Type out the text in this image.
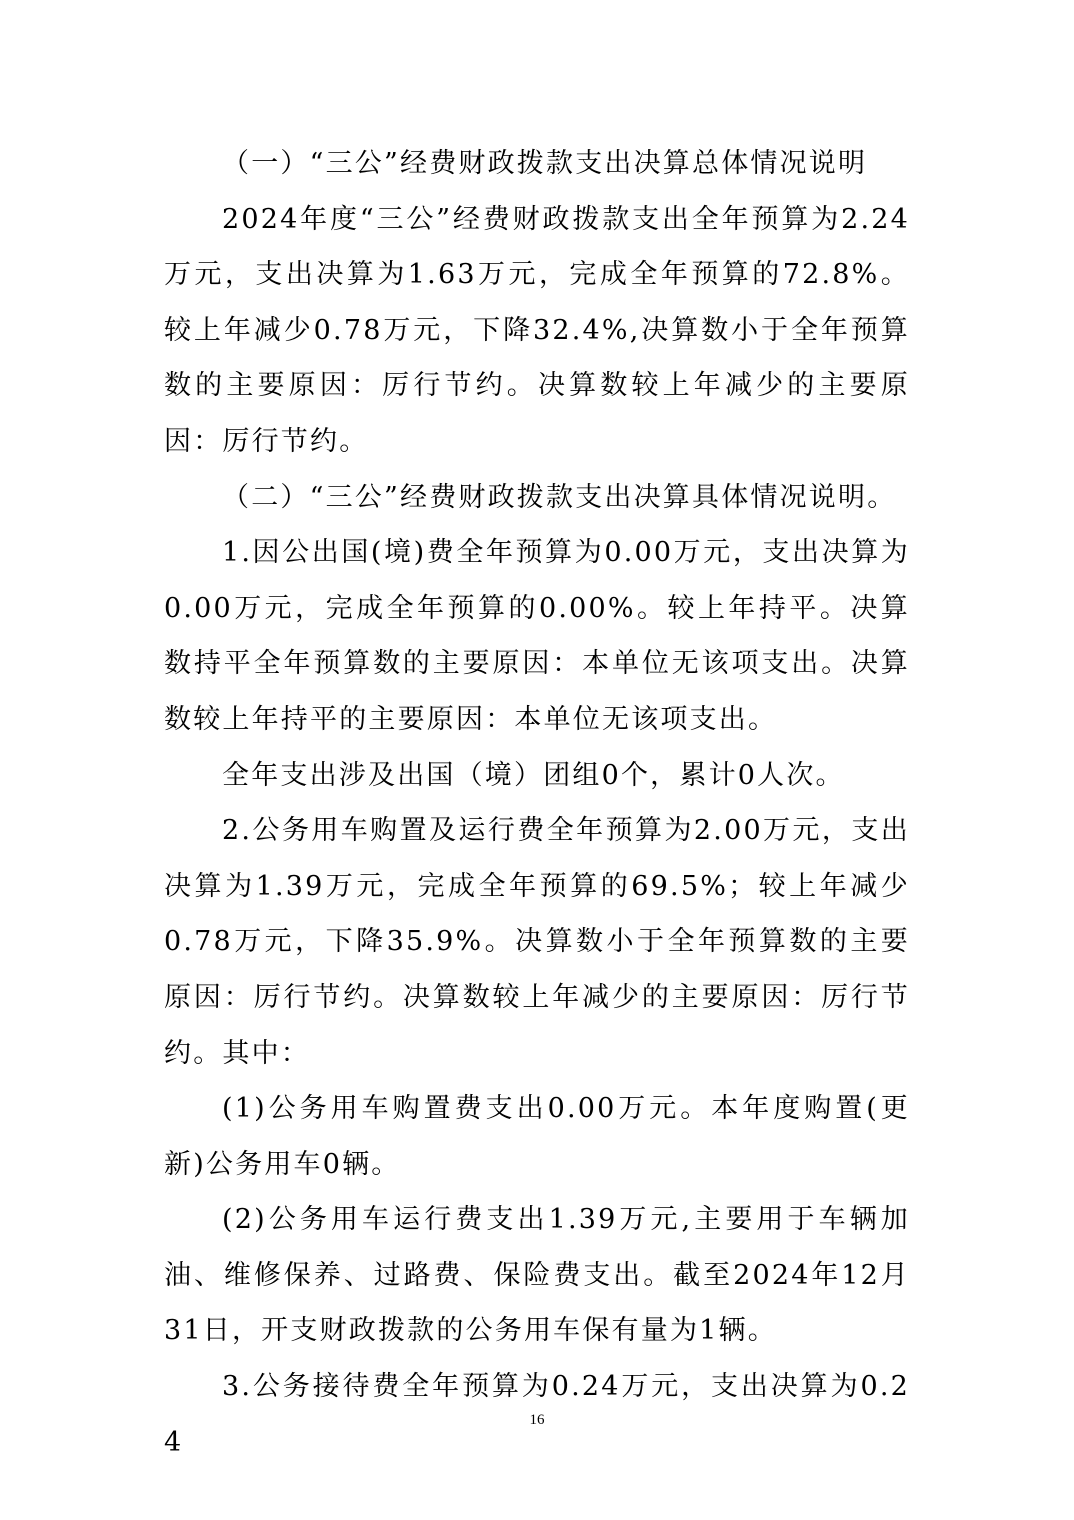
（一）“三公”经费财政拨款支出决算总体情况说明

2024年度“三公”经费财政拨款支出全年预算为2.24万元，支出决算为1.63万元，完成全年预算的72.8%。较上年减少0.78万元，下降32.4%,决算数小于全年预算数的主要原因：厉行节约。决算数较上年减少的主要原因：厉行节约。

（二）“三公”经费财政拨款支出决算具体情况说明。

1.因公出国(境)费全年预算为0.00万元，支出决算为0.00万元，完成全年预算的0.00%。较上年持平。决算数持平全年预算数的主要原因：本单位无该项支出。决算数较上年持平的主要原因：本单位无该项支出。

全年支出涉及出国（境）团组0个，累计0人次。

2.公务用车购置及运行费全年预算为2.00万元，支出决算为1.39万元，完成全年预算的69.5%；较上年减少0.78万元，下降35.9%。决算数小于全年预算数的主要原因：厉行节约。决算数较上年减少的主要原因：厉行节约。其中：

(1)公务用车购置费支出0.00万元。本年度购置(更新)公务用车0辆。

(2)公务用车运行费支出1.39万元,主要用于车辆加油、维修保养、过路费、保险费支出。截至2024年12月31日，开支财政拨款的公务用车保有量为1辆。

3.公务接待费全年预算为0.24万元，支出决算为0.24

16
